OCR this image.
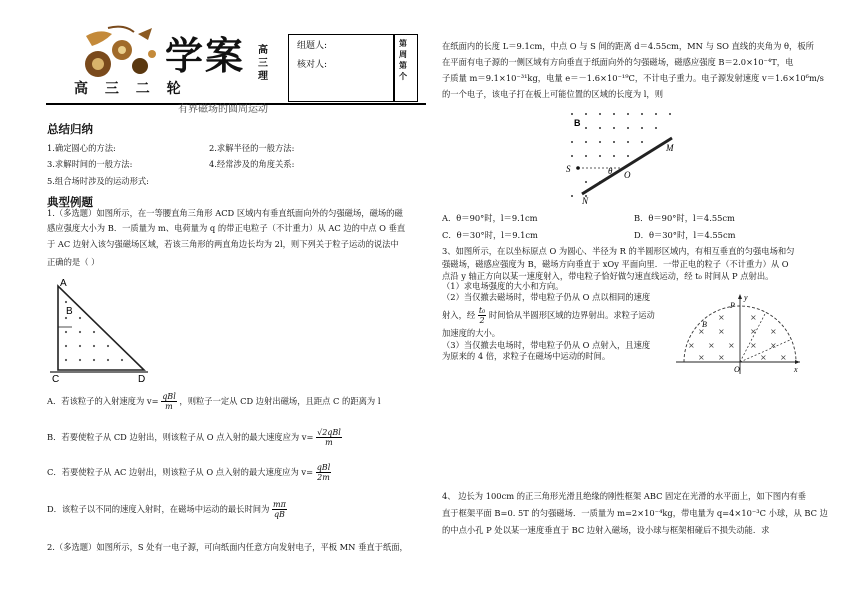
学案 高三理
高 三 二 轮
有界磁场的圆周运动
组题人:
核对人:
第周第个
总结归纳
1.确定圆心的方法:	2.求解半径的一般方法:
3.求解时间的一般方法:	4.经常涉及的角度关系:
5.组合场时涉及的运动形式:
典型例题
1.（多选题）如图所示，在一等腰直角三角形 ACD 区域内有垂直纸面向外的匀强磁场，磁场的磁
感应强度大小为 B．一质量为 m、电荷量为 q 的带正电粒子（不计重力）从 AC 边的中点 O 垂直
于 AC 边射入该匀强磁场区域，若该三角形的两直角边长均为 2l，则下列关于粒子运动的说法中
正确的是（ ）
A
B
C	D
A．若该粒子的入射速度为 $v= \frac{\text{qBl}}{m}$ ，则粒子一定从 CD 边射出磁场，且距点 C 的距离为 l
B．若要使粒子从 CD 边射出，则该粒子从 O 点入射的最大速度应为 $v= \frac{\text{√2qBl}}{m}$
C．若要使粒子从 AC 边射出，则该粒子从 O 点入射的最大速度应为 $v= \frac{\text{qBl}}{2m}$
D．该粒子以不同的速度入射时，在磁场中运动的最长时间为 $\frac{m\pi}{qB}$
2.（多选题）如图所示，S 处有一电子源，可向纸面内任意方向发射电子，平板 MN 垂直于纸面，
在纸面内的长度 L＝9.1cm，中点 O 与 S 间的距离 d＝4.55cm，MN 与 SO 直线的夹角为 θ，板所
在平面有电子源的一侧区域有方向垂直于纸面向外的匀强磁场，磁感应强度 B＝2.0×10⁻⁴T，电
子质量 m＝9.1×10⁻³¹kg，电量 e＝－1.6×10⁻¹⁹C，不计电子重力。电子源发射速度 v＝1.6×10⁶m/s
的一个电子，该电子打在板上可能位置的区域的长度为 l，则
B
M
S	θ O
N
A．θ＝90°时，l＝9.1cm	B．θ＝90°时，l＝4.55cm
C．θ＝30°时，l＝9.1cm	D．θ＝30°时，l＝4.55cm
3、如图所示，在以坐标原点 O 为圆心、半径为 R 的半圆形区域内，有相互垂直的匀强电场和匀
强磁场，磁感应强度为 B，磁场方向垂直于 xOy 平面向里．一带正电的粒子（不计重力）从 O
点沿 y 轴正方向以某一速度射入，带电粒子恰好做匀速直线运动，经 t₀ 时间从 P 点射出。
（1）求电场强度的大小和方向。
（2）当仅撤去磁场时，带电粒子仍从 O 点以相同的速度
射入，经 $\frac{\text{t₀}}{2}$ 时间恰从半圆形区域的边界射出。求粒子运动
加速度的大小。
（3）当仅撤去电场时，带电粒子仍从 O 点射入，且速度
为原来的 4 倍，求粒子在磁场中运动的时间。
×	×
× ×	× ×
× × × × ×
× ×	× ×
y
P
B
O	x
4、 边长为 100cm 的正三角形光滑且绝缘的刚性框架 ABC 固定在光滑的水平面上，如下图内有垂
直于框架平面 B=0. 5T 的匀强磁场．一质量为 m=2×10⁻⁴kg，带电量为 q=4×10⁻³C 小球，从 BC 边
的中点小孔 P 处以某一速度垂直于 BC 边射入磁场，设小球与框架相碰后不损失动能．求
